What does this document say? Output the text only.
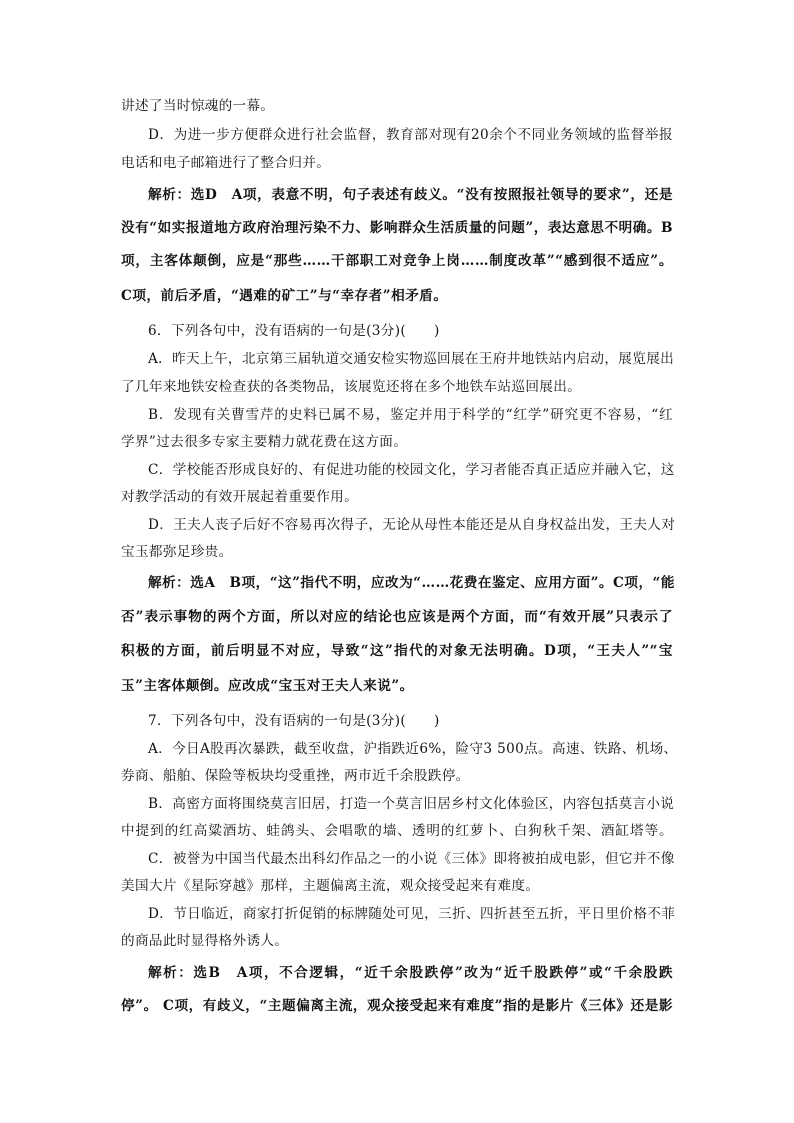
讲述了当时惊魂的一幕。
D．为进一步方便群众进行社会监督，教育部对现有20余个不同业务领域的监督举报
电话和电子邮箱进行了整合归并。
解析：选D　A项，表意不明，句子表述有歧义。“没有按照报社领导的要求”，还是
没有“如实报道地方政府治理污染不力、影响群众生活质量的问题”，表达意思不明确。B
项，主客体颠倒，应是“那些……干部职工对竞争上岗……制度改革”“感到很不适应”。
C项，前后矛盾，“遇难的矿工”与“幸存者”相矛盾。
6．下列各句中，没有语病的一句是(3分)(　　)
A．昨天上午，北京第三届轨道交通安检实物巡回展在王府井地铁站内启动，展览展出
了几年来地铁安检查获的各类物品，该展览还将在多个地铁车站巡回展出。
B．发现有关曹雪芹的史料已属不易，鉴定并用于科学的“红学”研究更不容易，“红
学界”过去很多专家主要精力就花费在这方面。
C．学校能否形成良好的、有促进功能的校园文化，学习者能否真正适应并融入它，这
对教学活动的有效开展起着重要作用。
D．王夫人丧子后好不容易再次得子，无论从母性本能还是从自身权益出发，王夫人对
宝玉都弥足珍贵。
解析：选A　B项，“这”指代不明，应改为“……花费在鉴定、应用方面”。C项，“能
否”表示事物的两个方面，所以对应的结论也应该是两个方面，而“有效开展”只表示了
积极的方面，前后明显不对应，导致“这”指代的对象无法明确。D项，“王夫人”“宝
玉”主客体颠倒。应改成“宝玉对王夫人来说”。
7．下列各句中，没有语病的一句是(3分)(　　)
A．今日A股再次暴跌，截至收盘，沪指跌近6%，险守3 500点。高速、铁路、机场、
券商、船舶、保险等板块均受重挫，两市近千余股跌停。
B．高密方面将围绕莫言旧居，打造一个莫言旧居乡村文化体验区，内容包括莫言小说
中提到的红高粱酒坊、蛙鸽头、会唱歌的墙、透明的红萝卜、白狗秋千架、酒缸塔等。
C．被誉为中国当代最杰出科幻作品之一的小说《三体》即将被拍成电影，但它并不像
美国大片《星际穿越》那样，主题偏离主流，观众接受起来有难度。
D．节日临近，商家打折促销的标牌随处可见，三折、四折甚至五折，平日里价格不菲
的商品此时显得格外诱人。
解析：选B　A项，不合逻辑，“近千余股跌停”改为“近千股跌停”或“千余股跌
停”。 C项，有歧义，“主题偏离主流，观众接受起来有难度”指的是影片《三体》还是影
